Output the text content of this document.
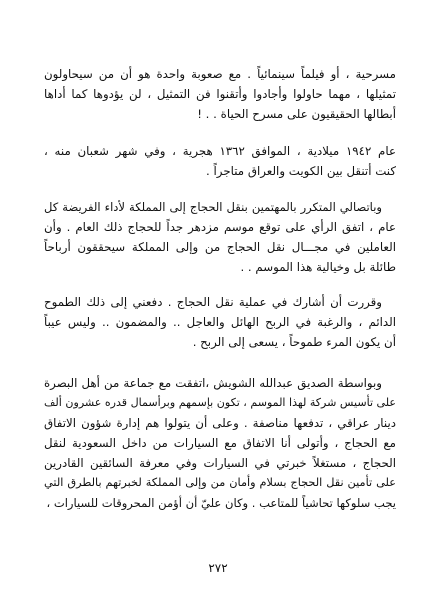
مسرحية ، أو فيلماً سينمائياً . مع صعوبة واحدة هو أن من سيحاولون
تمثيلها ، مهما حاولوا وأجادوا وأتقنوا فن التمثيل ، لن يؤدوها كما أداها
أبطالها الحقيقيون على مسرح الحياة . . !
عام ١٩٤٢ ميلادية ، الموافق ١٣٦٢ هجرية ، وفي شهر شعبان منه ،
كنت أتنقل بين الكويت والعراق متاجراً .
وباتصالي المتكرر بالمهتمين بنقل الحجاج إلى المملكة لأداء الفريضة كل
عام ، اتفق الرأي على توقع موسم مزدهر جداً للحجاج ذلك العام . وأن
العاملين في مجـــال نقل الحجاج من وإلى المملكة سيحققون أرباحاً
طائلة بل وخيالية هذا الموسم . .
وقررت أن أشارك في عملية نقل الحجاج . دفعني إلى ذلك الطموح
الدائم ، والرغبة في الربح الهائل والعاجل .. والمضمون .. وليس عيباً
أن يكون المرء طموحاً ، يسعى إلى الربح .
وبواسطة الصديق عبدالله الشويش ،اتفقت مع جماعة من أهل البصرة
على تأسيس شركة لهذا الموسم ، تكون بإسمهم وبرأسمال قدره عشرون ألف
دينار عراقي ، تدفعها مناصفة . وعلى أن يتولوا هم إدارة شؤون الاتفاق
مع الحجاج ، وأتولى أنا الاتفاق مع السيارات من داخل السعودية لنقل
الحجاج ، مستغلاً خبرتي في السيارات وفي معرفة السائقين القادرين
على تأمين نقل الحجاج بسلام وأمان من وإلى المملكة لخبرتهم بالطرق التي
يجب سلوكها تحاشياً للمتاعب . وكان عليّ أن أؤمن المحروقات للسيارات ،
٢٧٢
